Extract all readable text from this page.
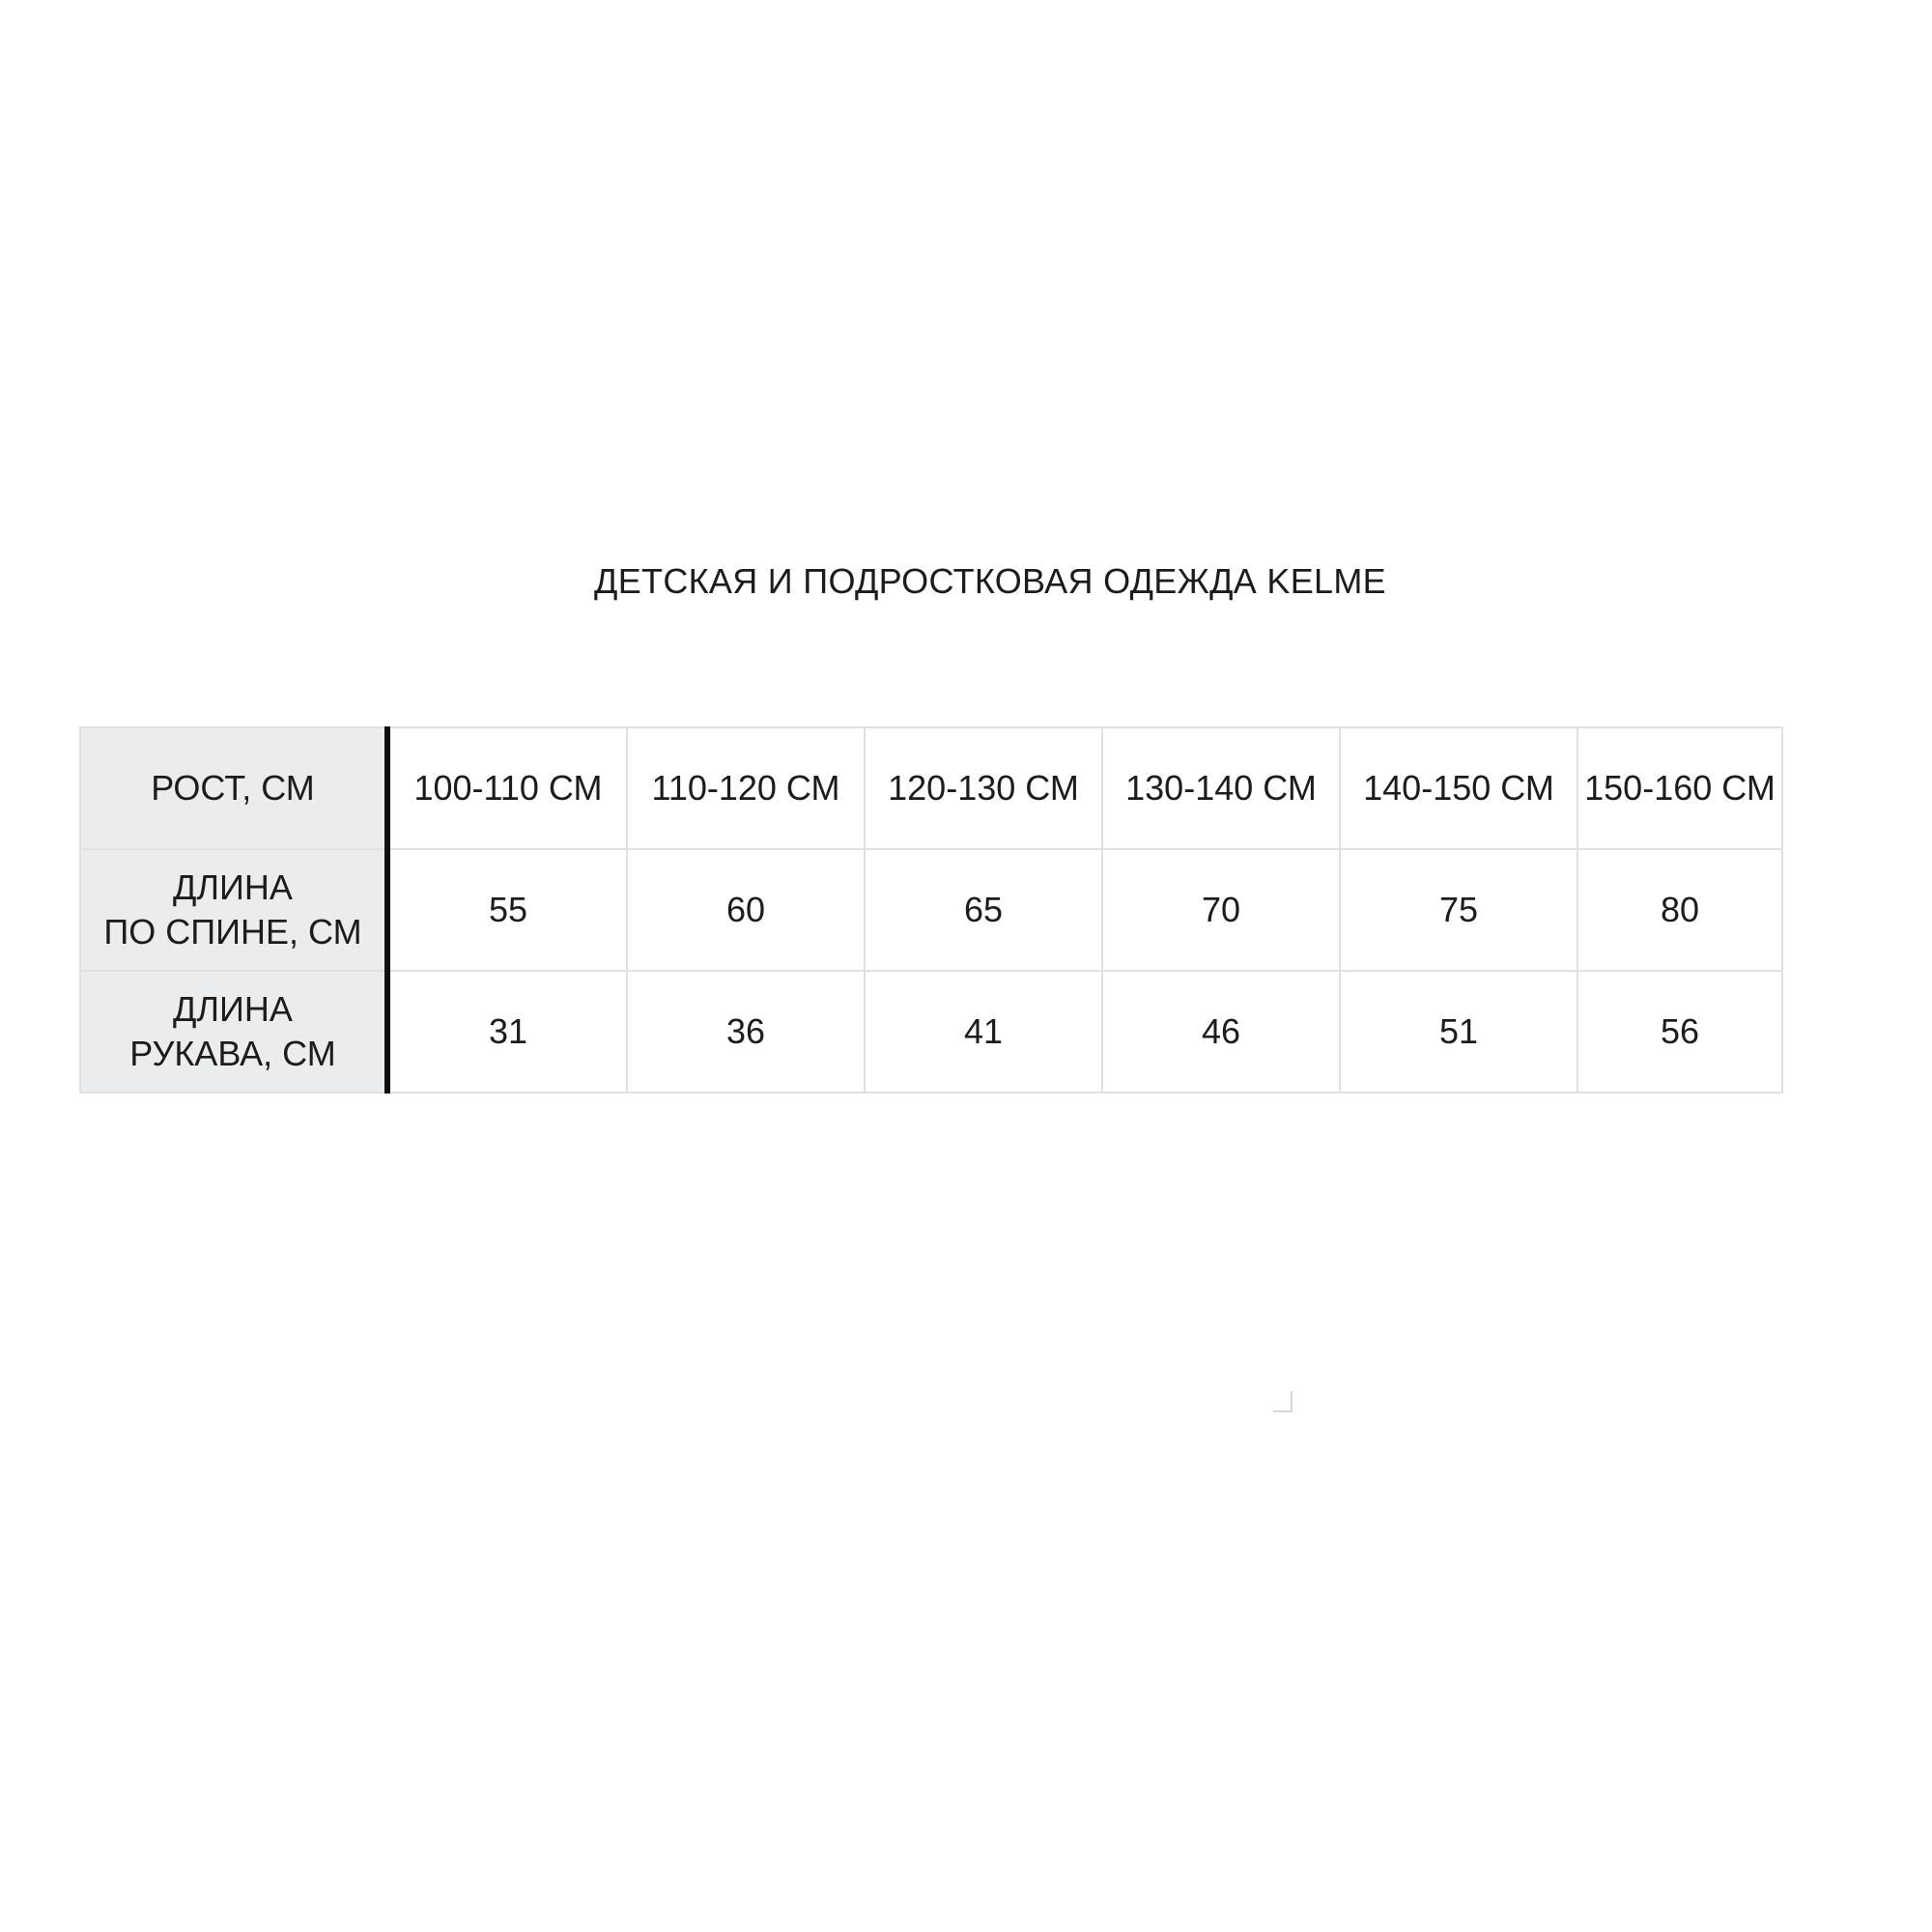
ДЕТСКАЯ И ПОДРОСТКОВАЯ ОДЕЖДА KELME
РОСТ, СМ	100-110 СМ	110-120 СМ	120-130 СМ	130-140 СМ	140-150 СМ	150-160 СМ
ДЛИНА
ПО СПИНЕ, СМ	55	60	65	70	75	80
ДЛИНА
РУКАВА, СМ	31	36	41	46	51	56
